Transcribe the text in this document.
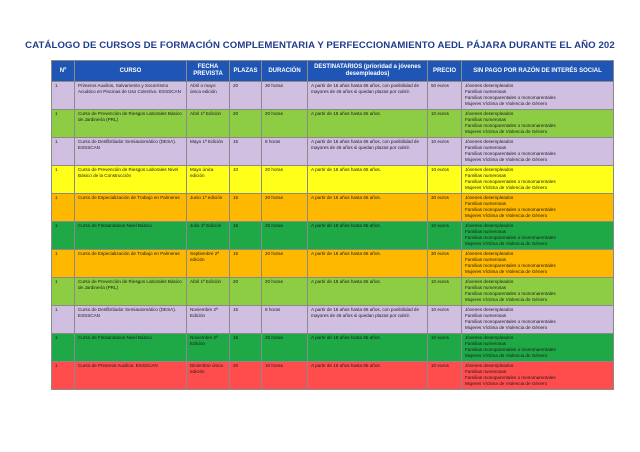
CATÁLOGO DE CURSOS DE FORMACIÓN COMPLEMENTARIA Y PERFECCIONAMIENTO AEDL PÁJARA DURANTE EL AÑO 202
Nº	CURSO	FECHA PREVISTA	PLAZAS	DURACIÓN	DESTINATARIOS (prioridad a jóvenes desempleados)	PRECIO	SIN PAGO POR RAZÓN DE INTERÉS SOCIAL
1	Primeros Auxilios, Salvamento y Socorrismo Acuático en Piscinas de Uso Colectivo. ESSSCAN	Abril o mayo única edición	20	30 horas	A partir de 16 años hasta 65 años, con posibilidad de mayores de 45 años si quedan plazas por cubrir.	50 euros	Jóvenes desempleados
Familias numerosas
Familias monoparentales o monomarentales
Mujeres Víctima de Violencia de Género

1	Curso de Prevención de Riesgos Laborales Básico de Jardinería (PRL)	Abril 1ª Edición	20	20 horas	A partir de 18 años hasta 65 años.	10 euros	Jóvenes desempleados
Familias numerosas
Familias monoparentales o monomarentales
Mujeres Víctima de Violencia de Género

1	Curso de Desfibrilador Semiautomático (DESA). ESSSCAN	Mayo 1ª Edición	15	8 horas	A partir de 16 años hasta 65 años, con posibilidad de mayores de 45 años si quedan plazas por cubrir.	10 euros	Jóvenes desempleados
Familias numerosas
Familias monoparentales o monomarentales
Mujeres Víctima de Violencia de Género

1	Curso de Prevención de Riesgos Laborales Nivel Básico de la Construcción	Mayo única edición	10	20 horas	A partir de 18 años hasta 65 años.	10 euros	Jóvenes desempleados
Familias numerosas
Familias monoparentales o monomarentales
Mujeres Víctima de Violencia de Género

1	Curso de Especialización de Trabajo en Palmeras	Junio 1ª edición	15	20 horas	A partir de 18 años hasta 65 años.	30 euros	Jóvenes desempleados
Familias numerosas
Familias monoparentales o monomarentales
Mujeres Víctima de Violencia de Género

1	Curso de Fitosanitarios Nivel Básico	Julio 1ª Edición	15	25 horas	A partir de 18 años hasta 65 años.	10 euros	Jóvenes desempleados
Familias numerosas
Familias monoparentales o monomarentales
Mujeres Víctima de Violencia de Género

1	Curso de Especialización de Trabajo en Palmeras	Septiembre 2ª edición	15	20 horas	A partir de 18 años hasta 65 años.	30 euros	Jóvenes desempleados
Familias numerosas
Familias monoparentales o monomarentales
Mujeres Víctima de Violencia de Género

1	Curso de Prevención de Riesgos Laborales Básico de Jardinería (PRL)	Abril 1ª Edición	20	20 horas	A partir de 18 años hasta 65 años.	10 euros	Jóvenes desempleados
Familias numerosas
Familias monoparentales o monomarentales
Mujeres Víctima de Violencia de Género

1	Curso de Desfibrilador Semiautomático (DESA). ESSSCAN	Noviembre 2ª Edición	15	8 horas	A partir de 16 años hasta 65 años, con posibilidad de mayores de 45 años si quedan plazas por cubrir.	10 euros	Jóvenes desempleados
Familias numerosas
Familias monoparentales o monomarentales
Mujeres Víctima de Violencia de Género

1	Curso de Fitosanitarios Nivel Básico	Noviembre 2ª Edición	15	25 horas	A partir de 18 años hasta 65 años.	10 euros	Jóvenes desempleados
Familias numerosas
Familias monoparentales o monomarentales
Mujeres Víctima de Violencia de Género

1	Curso de Primeros Auxilios. ESSSCAN	Diciembre única edición	20	10 horas	A partir de 18 años hasta 65 años.	10 euros	Jóvenes desempleados
Familias numerosas
Familias monoparentales o monomarentales
Mujeres Víctima de Violencia de Género
